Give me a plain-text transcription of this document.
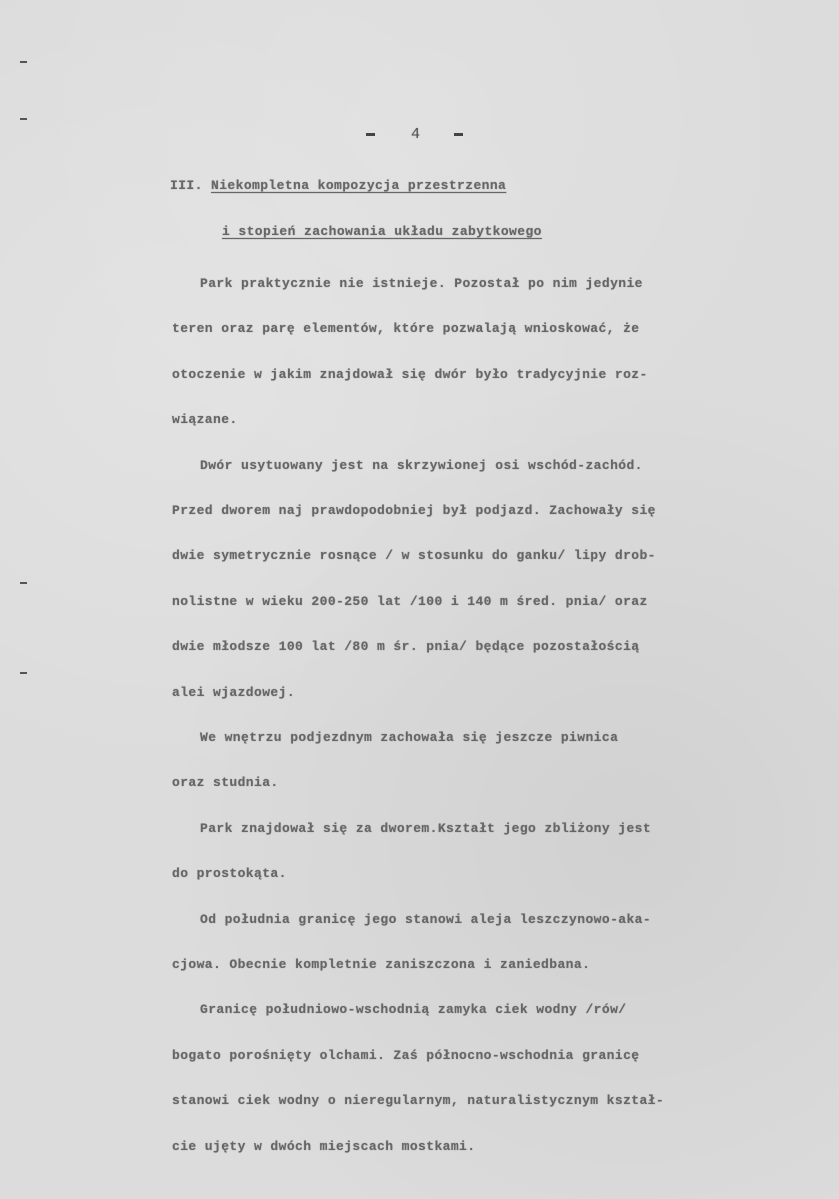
4
III. Niekompletna kompozycja przestrzenna
i stopień zachowania układu zabytkowego
Park praktycznie nie istnieje. Pozostał po nim jedynie
teren oraz parę elementów, które pozwalają wnioskować, że
otoczenie w jakim znajdował się dwór było tradycyjnie roz-
wiązane.
Dwór usytuowany jest na skrzywionej osi wschód-zachód.
Przed dworem naj prawdopodobniej był podjazd. Zachowały się
dwie symetrycznie rosnące / w stosunku do ganku/ lipy drob-
nolistne w wieku 200-250 lat /100 i 140 m śred. pnia/ oraz
dwie młodsze 100 lat /80 m śr. pnia/ będące pozostałością
alei wjazdowej.
We wnętrzu podjezdnym zachowała się jeszcze piwnica
oraz studnia.
Park znajdował się za dworem.Kształt jego zbliżony jest
do prostokąta.
Od południa granicę jego stanowi aleja leszczynowo-aka-
cjowa. Obecnie kompletnie zaniszczona i zaniedbana.
Granicę południowo-wschodnią zamyka ciek wodny /rów/
bogato porośnięty olchami. Zaś północno-wschodnia granicę
stanowi ciek wodny o nieregularnym, naturalistycznym kształ-
cie ujęty w dwóch miejscach mostkami.
